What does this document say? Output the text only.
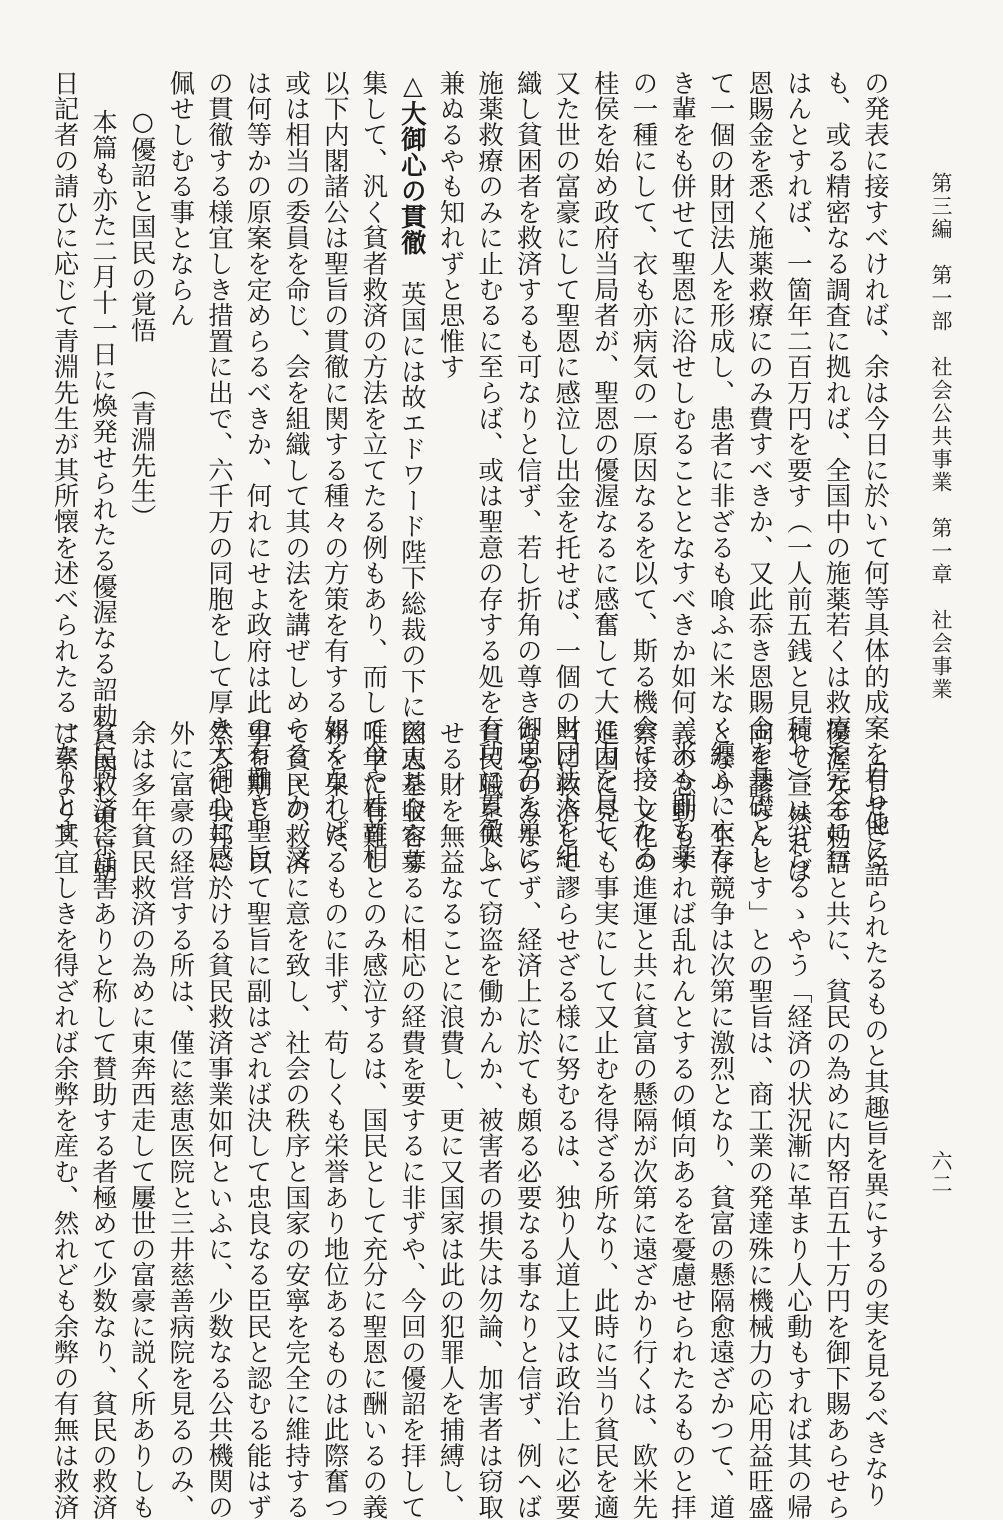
第三編　第一部　社会公共事業　第一章　社会事業
六二
の発表に接すべければ、余は今日に於いて何等具体的成案を有せざる
も、或る精密なる調査に拠れば、全国中の施薬若くは救療を完全に行
はんとすれば、一箇年二百万円を要す（一人前五銭と見積り）、然れば
恩賜金を悉く施薬救療にのみ費すべきか、又此忝き恩賜金を基礎とし
て一個の財団法人を形成し、患者に非ざるも喰ふに米なく纏ふに衣な
き輩をも併せて聖恩に浴せしむることとなすべきか如何、米も即ち薬
の一種にして、衣も亦病気の一原因なるを以て、斯る機会に接したる
桂侯を始め政府当局者が、聖恩の優渥なるに感奮して大に力を尽し、
又た世の富豪にして聖恩に感泣し出金を托せば、一個の財団法人を組
織し貧困者を救済するも可なりと信ず、若し折角の尊き御思召を単に
施薬救療のみに止むるに至らば、或は聖意の存する処を有功に貫徹し
兼ぬるやも知れずと思惟す
△大御心の貫徹　英国には故エドワード陛下総裁の下に慈恵基金を募
集して、汎く貧者救済の方法を立てたる例もあり、而して今や桂首相
以下内閣諸公は聖旨の貫徹に関する種々の方策を有する如くなれば、
或は相当の委員を命じ、会を組織して其の法を講ぜしめらるゝか、又
は何等かの原案を定めらるべきか、何れにせよ政府は此の有難き聖旨
の貫徹する様宜しき措置に出で、六千万の同胞をして厚き大御心に感
佩せしむる事とならん
○優詔と国民の覚悟（青淵先生）
本篇も亦た二月十一日に煥発せられたる優渥なる詔勅に関し東京朝
日記者の請ひに応じて青淵先生が其所懐を述べられたる一なりとす
自ら他に語られたるものと其趣旨を異にするの実を見るべきなり
優渥なる勅語と共に、貧民の為めに内帑百五十万円を御下賜あらせら
れて宣はせらるゝやう「経済の状況漸に革まり人心動もすれば其の帰
向を謬らんとす」との聖旨は、商工業の発達殊に機械力の応用益旺盛
となり、生存競争は次第に激烈となり、貧富の懸隔愈遠ざかつて、道
義の念動もすれば乱れんとするの傾向あるを憂慮せられたるものと拝
察す、文化の進運と共に貧富の懸隔が次第に遠ざかり行くは、欧米先
進国に見ても事実にして又止むを得ざる所なり、此時に当り貧民を適
当に救済して謬らせざる様に努むるは、独り人道上又は政治上に必要
なるのみならず、経済上に於ても頗る必要なる事なりと信ず、例へば
貧民職を失ふて窃盗を働かんか、被害者の損失は勿論、加害者は窃取
せる財を無益なることに浪費し、更に又国家は此の犯罪人を捕縛し、
囚人を収容するに相応の経費を要するに非ずや、今回の優詔を拝して
唯単に有難しとのみ感泣するは、国民として充分に聖恩に酬いるの義
務を果したるものに非ず、苟しくも栄誉あり地位あるものは此際奮つ
て貧民の救済に意を致し、社会の秩序と国家の安寧を完全に維持する
事を期し、以て聖旨に副はざれば決して忠良なる臣民と認むる能はず
然るに我邦に於ける貧民救済事業如何といふに、少数なる公共機関の
外に富豪の経営する所は、僅に慈恵医院と三井慈善病院を見るのみ、
余は多年貧民救済の為めに東奔西走して屢世の富豪に説く所ありしも
貧民救済には害ありと称して賛助する者極めて少数なり、貧民の救済
は素より其宜しきを得ざれば余弊を産む、然れども余弊の有無は救済
